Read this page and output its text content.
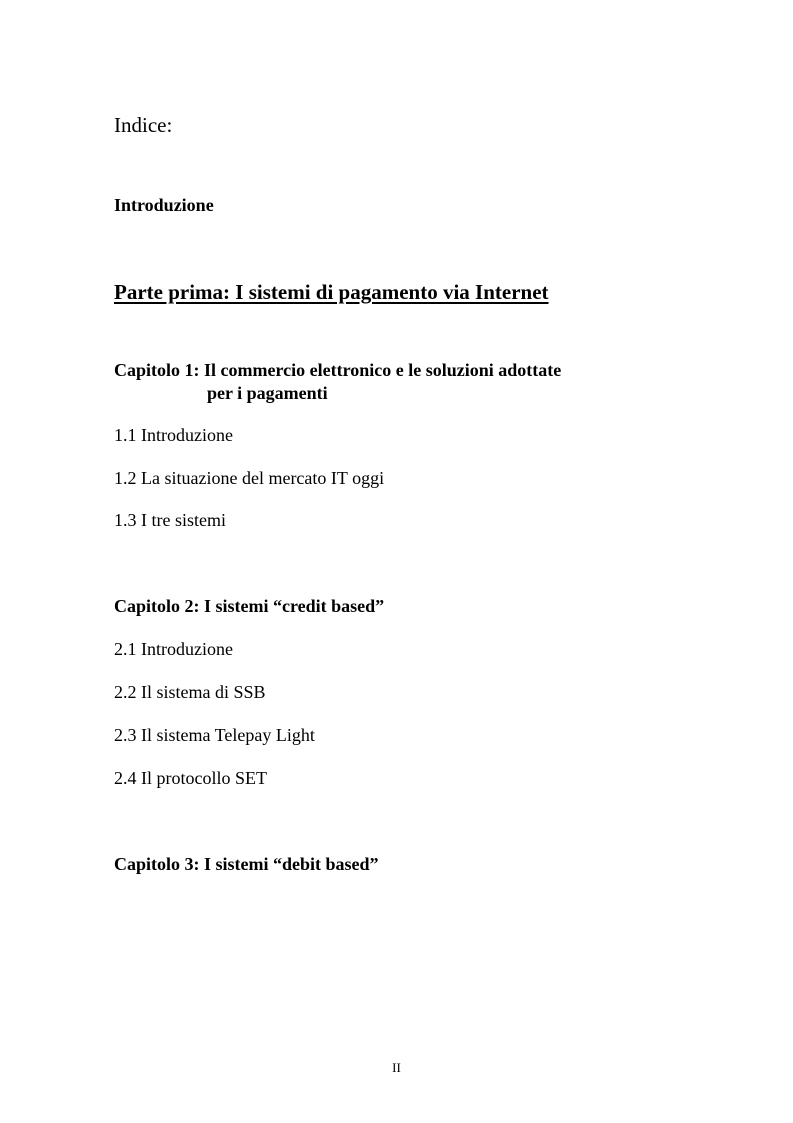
Indice:
Introduzione
Parte prima: I sistemi di pagamento via Internet
Capitolo 1: Il commercio elettronico e le soluzioni adottate
per i pagamenti
1.1 Introduzione
1.2 La situazione del mercato IT oggi
1.3 I tre sistemi
Capitolo 2: I sistemi “credit based”
2.1 Introduzione
2.2 Il sistema di SSB
2.3 Il sistema Telepay Light
2.4 Il protocollo SET
Capitolo 3: I sistemi “debit based”
II
